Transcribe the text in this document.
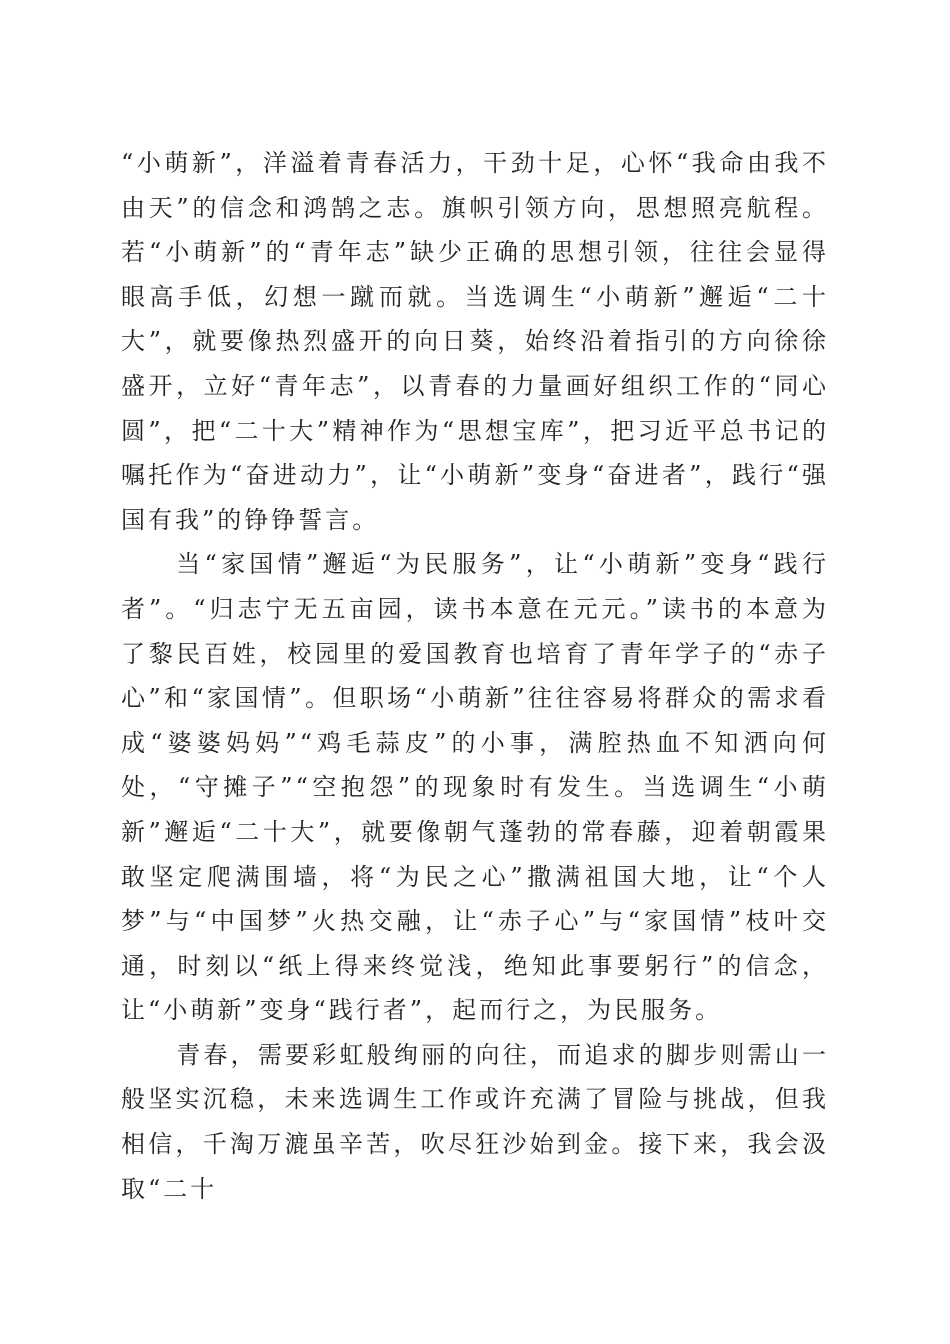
“小萌新”，洋溢着青春活力，干劲十足，心怀“我命由我不由天”的信念和鸿鹄之志。旗帜引领方向，思想照亮航程。若“小萌新”的“青年志”缺少正确的思想引领，往往会显得眼高手低，幻想一蹴而就。当选调生“小萌新”邂逅“二十大”，就要像热烈盛开的向日葵，始终沿着指引的方向徐徐盛开，立好“青年志”，以青春的力量画好组织工作的“同心圆”，把“二十大”精神作为“思想宝库”，把习近平总书记的嘱托作为“奋进动力”，让“小萌新”变身“奋进者”，践行“强国有我”的铮铮誓言。

当“家国情”邂逅“为民服务”，让“小萌新”变身“践行者”。“归志宁无五亩园，读书本意在元元。”读书的本意为了黎民百姓，校园里的爱国教育也培育了青年学子的“赤子心”和“家国情”。但职场“小萌新”往往容易将群众的需求看成“婆婆妈妈”“鸡毛蒜皮”的小事，满腔热血不知洒向何处，“守摊子”“空抱怨”的现象时有发生。当选调生“小萌新”邂逅“二十大”，就要像朝气蓬勃的常春藤，迎着朝霞果敢坚定爬满围墙，将“为民之心”撒满祖国大地，让“个人梦”与“中国梦”火热交融，让“赤子心”与“家国情”枝叶交通，时刻以“纸上得来终觉浅，绝知此事要躬行”的信念，让“小萌新”变身“践行者”，起而行之，为民服务。

青春，需要彩虹般绚丽的向往，而追求的脚步则需山一般坚实沉稳，未来选调生工作或许充满了冒险与挑战，但我相信，千淘万漉虽辛苦，吹尽狂沙始到金。接下来，我会汲取“二十
